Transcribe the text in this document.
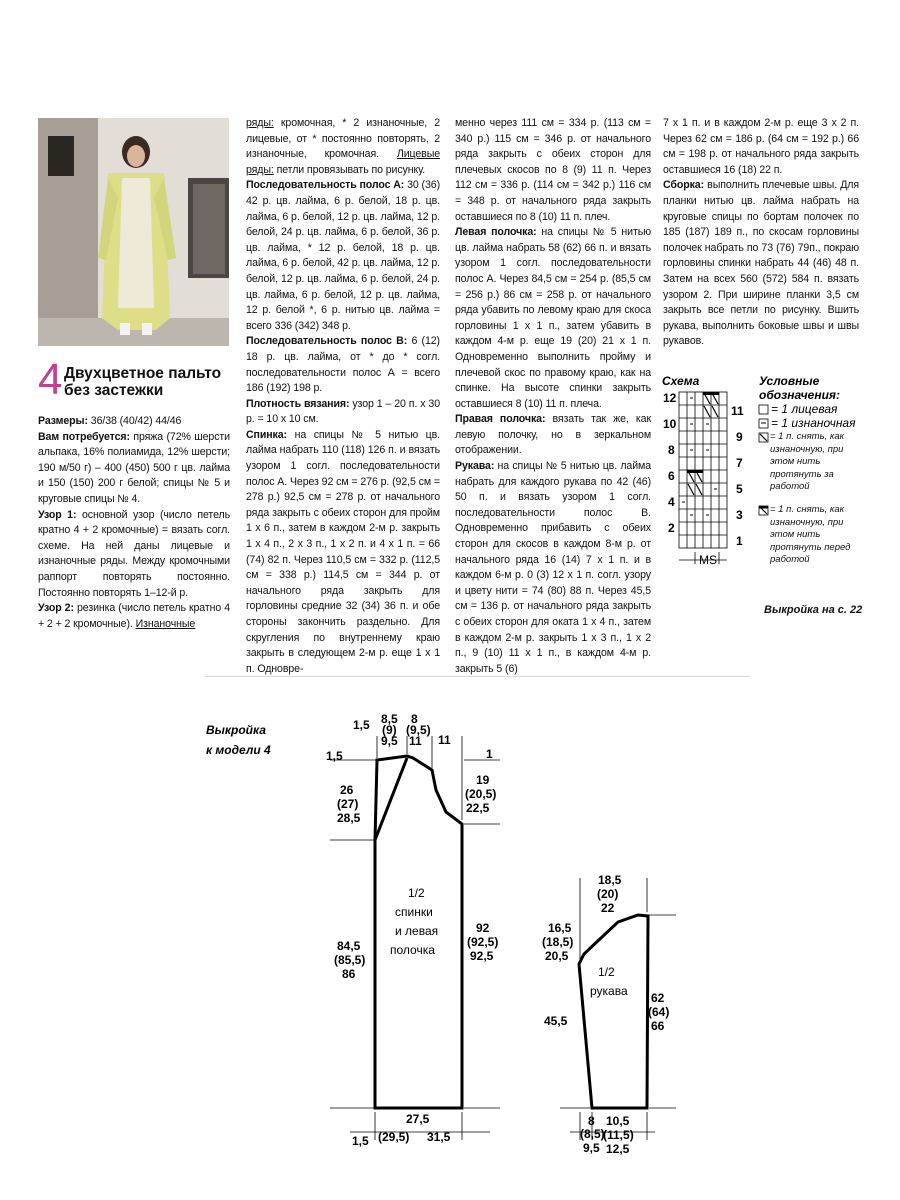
4 Двухцветное пальто
без застежки

Размеры: 36/38 (40/42) 44/46

Вам потребуется: пряжа (72% шерсти альпака, 16% полиамида, 12% шерсти; 190 м/50 г) – 400 (450) 500 г цв. лайма и 150 (150) 200 г белой; спицы № 5 и круговые спицы № 4.

Узор 1: основной узор (число петель кратно 4 + 2 кромочные) = вязать согл. схеме. На ней даны лицевые и изнаночные ряды. Между кромочными раппорт повторять постоянно. Постоянно повторять 1–12-й р.

Узор 2: резинка (число петель кратно 4 + 2 + 2 кромочные). Изнаночные

ряды: кромочная, * 2 изнаночные, 2 лицевые, от * постоянно повторять, 2 изнаночные, кромочная. Лицевые ряды: петли провязывать по рисунку.

Последовательность полос А: 30 (36) 42 р. цв. лайма, 6 р. белой, 18 р. цв. лайма, 6 р. белой, 12 р. цв. лайма, 12 р. белой, 24 р. цв. лайма, 6 р. белой, 36 р. цв. лайма, * 12 р. белой, 18 р. цв. лайма, 6 р. белой, 42 р. цв. лайма, 12 р. белой, 12 р. цв. лайма, 6 р. белой, 24 р. цв. лайма, 6 р. белой, 12 р. цв. лайма, 12 р. белой *, 6 р. нитью цв. лайма = всего 336 (342) 348 р.

Последовательность полос В: 6 (12) 18 р. цв. лайма, от * до * согл. последовательности полос А = всего 186 (192) 198 р.

Плотность вязания: узор 1 – 20 п. х 30 р. = 10 х 10 см.

Спинка: на спицы № 5 нитью цв. лайма набрать 110 (118) 126 п. и вязать узором 1 согл. последовательности полос А. Через 92 см = 276 р. (92,5 см = 278 р.) 92,5 см = 278 р. от начального ряда закрыть с обеих сторон для пройм 1 х 6 п., затем в каждом 2-м р. закрыть 1 х 4 п., 2 х 3 п., 1 х 2 п. и 4 х 1 п. = 66 (74) 82 п. Через 110,5 см = 332 р. (112,5 см = 338 р.) 114,5 см = 344 р. от начального ряда закрыть для горловины средние 32 (34) 36 п. и обе стороны закончить раздельно. Для скругления по внутреннему краю закрыть в следующем 2-м р. еще 1 х 1 п. Одновре-

менно через 111 см = 334 р. (113 см = 340 р.) 115 см = 346 р. от начального ряда закрыть с обеих сторон для плечевых скосов по 8 (9) 11 п. Через 112 см = 336 р. (114 см = 342 р.) 116 см = 348 р. от начального ряда закрыть оставшиеся по 8 (10) 11 п. плеч.

Левая полочка: на спицы № 5 нитью цв. лайма набрать 58 (62) 66 п. и вязать узором 1 согл. последовательности полос А. Через 84,5 см = 254 р. (85,5 см = 256 р.) 86 см = 258 р. от начального ряда убавить по левому краю для скоса горловины 1 х 1 п., затем убавить в каждом 4-м р. еще 19 (20) 21 х 1 п. Одновременно выполнить пройму и плечевой скос по правому краю, как на спинке. На высоте спинки закрыть оставшиеся 8 (10) 11 п. плеча.

Правая полочка: вязать так же, как левую полочку, но в зеркальном отображении.

Рукава: на спицы № 5 нитью цв. лайма набрать для каждого рукава по 42 (46) 50 п. и вязать узором 1 согл. последовательности полос В. Одновременно прибавить с обеих сторон для скосов в каждом 8-м р. от начального ряда 16 (14) 7 х 1 п. и в каждом 6-м р. 0 (3) 12 х 1 п. согл. узору и цвету нити = 74 (80) 88 п. Через 45,5 см = 136 р. от начального ряда закрыть с обеих сторон для оката 1 х 4 п., затем в каждом 2-м р. закрыть 1 х 3 п., 1 х 2 п., 9 (10) 11 х 1 п., в каждом 4-м р. закрыть 5 (6)

7 х 1 п. и в каждом 2-м р. еще 3 х 2 п. Через 62 см = 186 р. (64 см = 192 р.) 66 см = 198 р. от начального ряда закрыть оставшиеся 16 (18) 22 п.

Сборка: выполнить плечевые швы. Для планки нитью цв. лайма набрать на круговые спицы по бортам полочек по 185 (187) 189 п., по скосам горловины полочек набрать по 73 (76) 79п., покраю горловины спинки набрать 44 (46) 48 п. Затем на всех 560 (572) 584 п. вязать узором 2. При ширине планки 3,5 см закрыть все петли по рисунку. Вшить рукава, выполнить боковые швы и швы рукавов.

Схема
12
10
8
6
4
2
11
9
7
5
3
1
MS
Условные
обозначения:
= 1 лицевая
= 1 изнаночная
= 1 п. снять, как изнаночную, при этом нить протянуть за работой
= 1 п. снять, как изнаночную, при этом нить протянуть перед работой
Выкройка на с. 22
Выкройка
к модели 4
1,5 8,5
(9)
9,5
8
(9,5)
11 11
1,5	1
26
(27)
28,5
19
(20,5)
22,5
84,5
(85,5)
86
92
(92,5)
92,5
27,5
(29,5) 31,5
1,5
1/2
спинки
и левая
полочка
18,5
(20)
22
16,5
(18,5)
20,5
45,5
62
(64)
66
8
(8,5)
9,5
10,5
(11,5)
12,5
1/2
рукава
